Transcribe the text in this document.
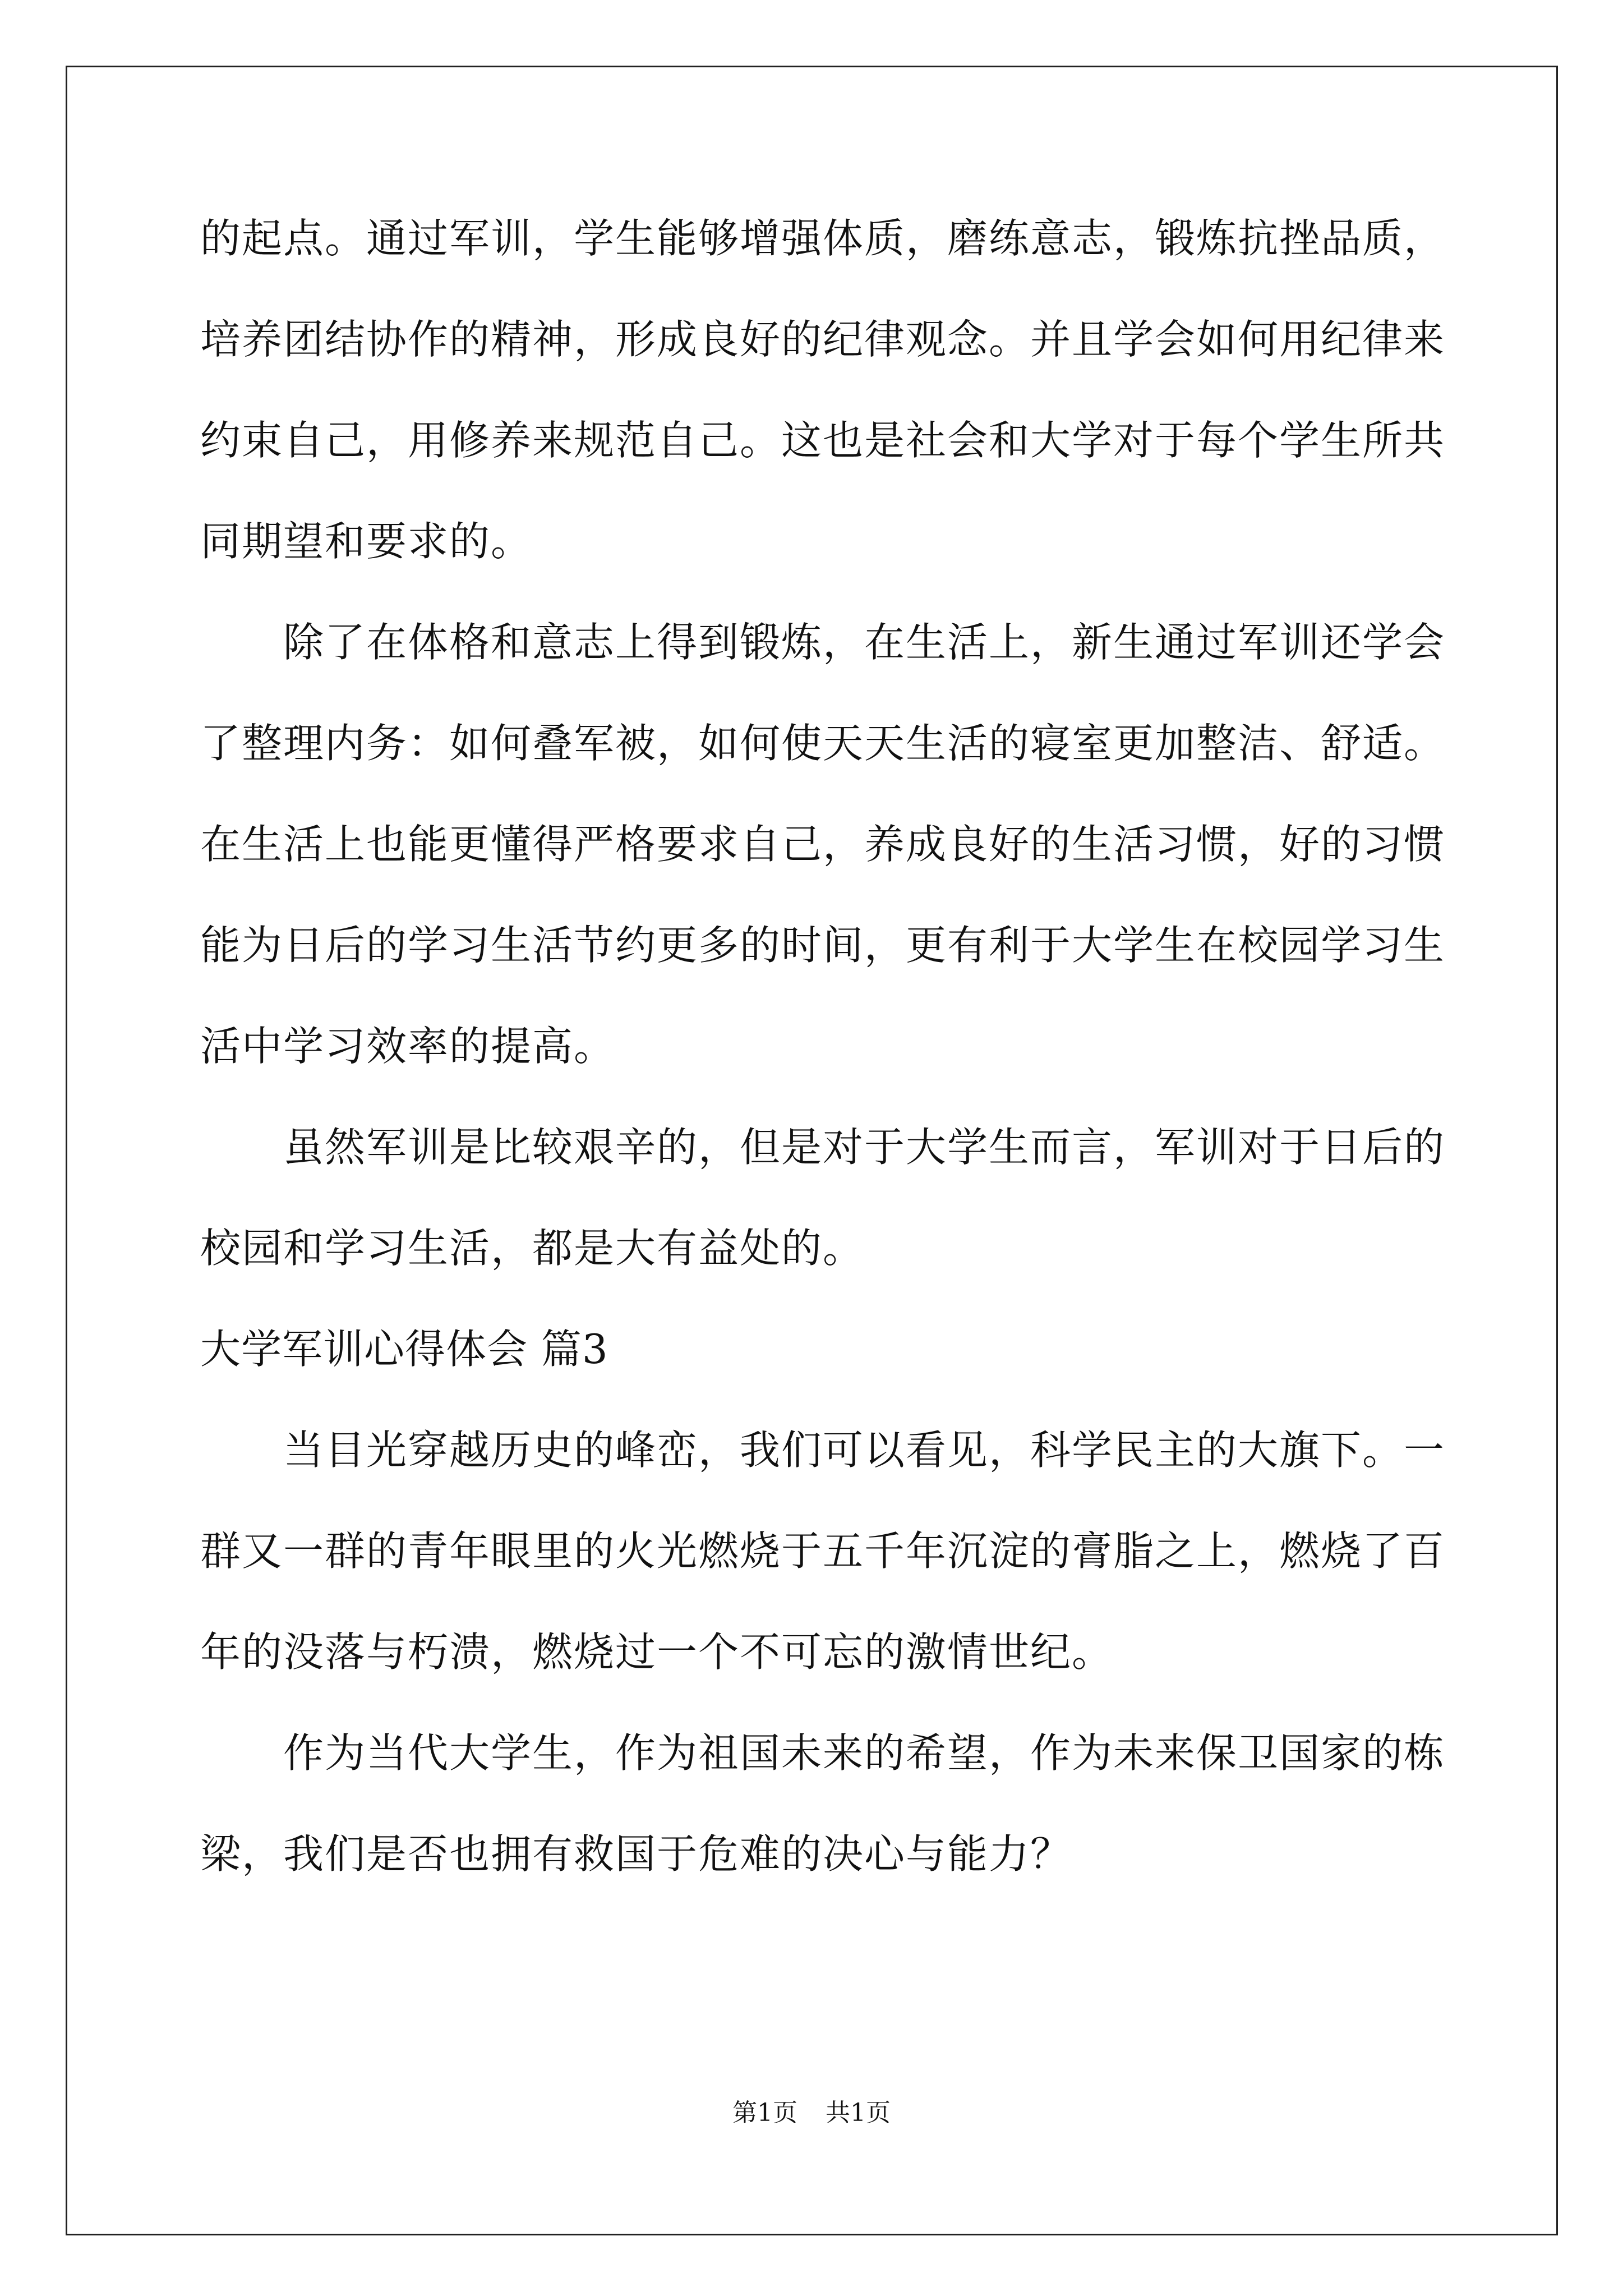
的起点。通过军训，学生能够增强体质，磨练意志，锻炼抗挫品质，
培养团结协作的精神，形成良好的纪律观念。并且学会如何用纪律来
约束自己，用修养来规范自己。这也是社会和大学对于每个学生所共
同期望和要求的。
除了在体格和意志上得到锻炼，在生活上，新生通过军训还学会
了整理内务：如何叠军被，如何使天天生活的寝室更加整洁、舒适。
在生活上也能更懂得严格要求自己，养成良好的生活习惯，好的习惯
能为日后的学习生活节约更多的时间，更有利于大学生在校园学习生
活中学习效率的提高。
虽然军训是比较艰辛的，但是对于大学生而言，军训对于日后的
校园和学习生活，都是大有益处的。
大学军训心得体会 篇3
当目光穿越历史的峰峦，我们可以看见，科学民主的大旗下。一
群又一群的青年眼里的火光燃烧于五千年沉淀的膏脂之上，燃烧了百
年的没落与朽溃，燃烧过一个不可忘的激情世纪。
作为当代大学生，作为祖国未来的希望，作为未来保卫国家的栋
梁，我们是否也拥有救国于危难的决心与能力？
第1页 共1页
